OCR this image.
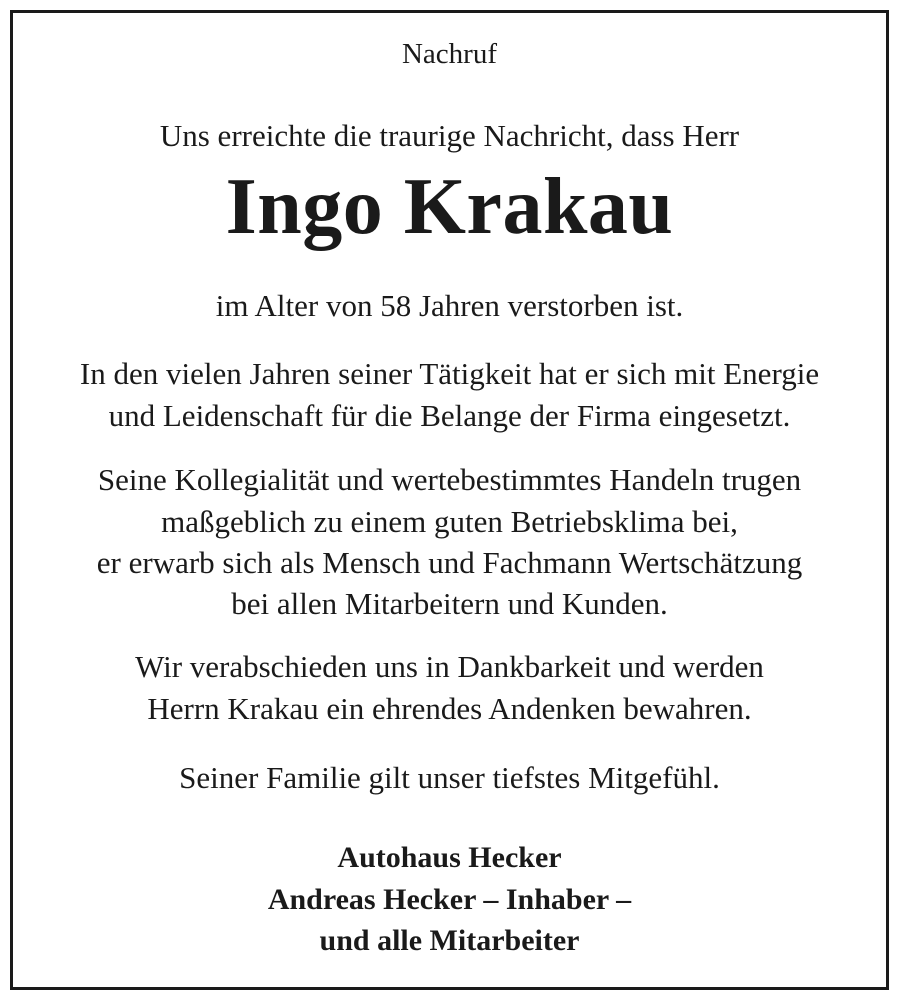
Nachruf
Uns erreichte die traurige Nachricht, dass Herr
Ingo Krakau
im Alter von 58 Jahren verstorben ist.
In den vielen Jahren seiner Tätigkeit hat er sich mit Energie
und Leidenschaft für die Belange der Firma eingesetzt.
Seine Kollegialität und wertebestimmtes Handeln trugen
maßgeblich zu einem guten Betriebsklima bei,
er erwarb sich als Mensch und Fachmann Wertschätzung
bei allen Mitarbeitern und Kunden.
Wir verabschieden uns in Dankbarkeit und werden
Herrn Krakau ein ehrendes Andenken bewahren.
Seiner Familie gilt unser tiefstes Mitgefühl.
Autohaus Hecker
Andreas Hecker – Inhaber –
und alle Mitarbeiter
